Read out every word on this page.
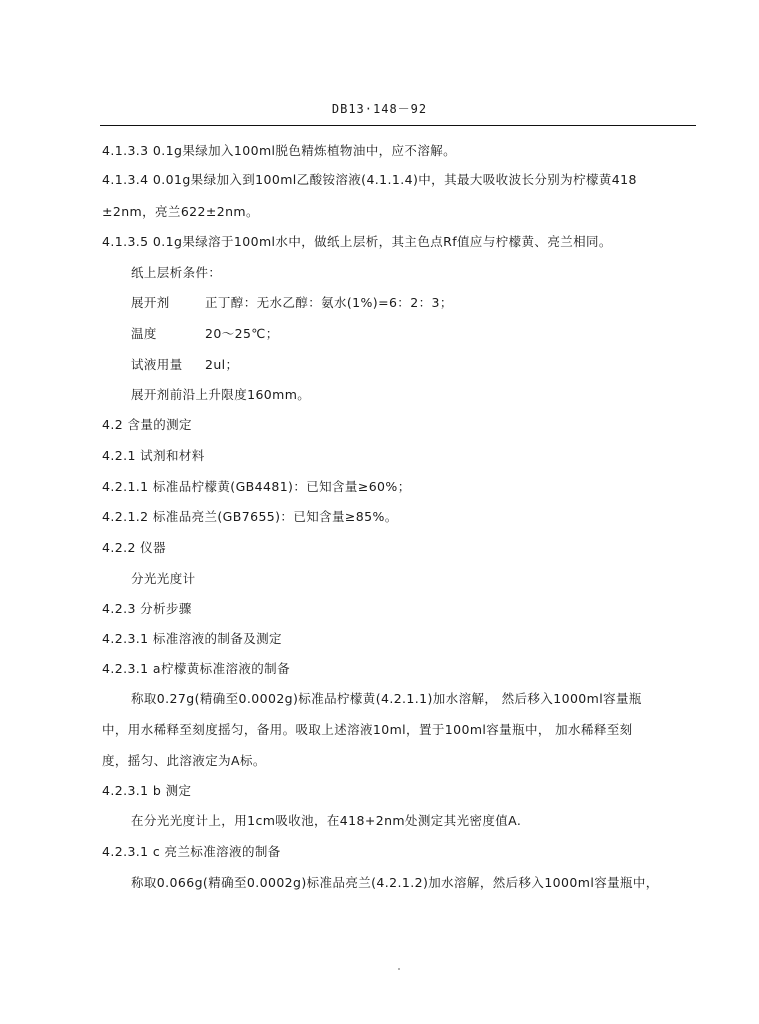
DB13·148－92
4.1.3.3 0.1g果绿加入100ml脱色精炼植物油中，应不溶解。
4.1.3.4 0.01g果绿加入到100ml乙酸铵溶液(4.1.1.4)中，其最大吸收波长分别为柠檬黄418
±2nm，亮兰622±2nm。
4.1.3.5 0.1g果绿溶于100ml水中，做纸上层析，其主色点Rf值应与柠檬黄、亮兰相同。
纸上层析条件：
展开剂	正丁醇：无水乙醇：氨水(1%)=6：2：3；
温度	20～25℃；
试液用量 2ul；
展开剂前沿上升限度160mm。
4.2 含量的测定
4.2.1 试剂和材料
4.2.1.1 标准品柠檬黄(GB4481)：已知含量≥60%；
4.2.1.2 标准品亮兰(GB7655)：已知含量≥85%。
4.2.2 仪器
分光光度计
4.2.3 分析步骤
4.2.3.1 标准溶液的制备及测定
4.2.3.1 a柠檬黄标准溶液的制备
称取0.27g(精确至0.0002g)标准品柠檬黄(4.2.1.1)加水溶解， 然后移入1000ml容量瓶
中，用水稀释至刻度摇匀，备用。吸取上述溶液10ml，置于100ml容量瓶中， 加水稀释至刻
度，摇匀、此溶液定为A标。
4.2.3.1 b 测定
在分光光度计上，用1cm吸收池，在418+2nm处测定其光密度值A.
4.2.3.1 c 亮兰标准溶液的制备
称取0.066g(精确至0.0002g)标准品亮兰(4.2.1.2)加水溶解，然后移入1000ml容量瓶中，
